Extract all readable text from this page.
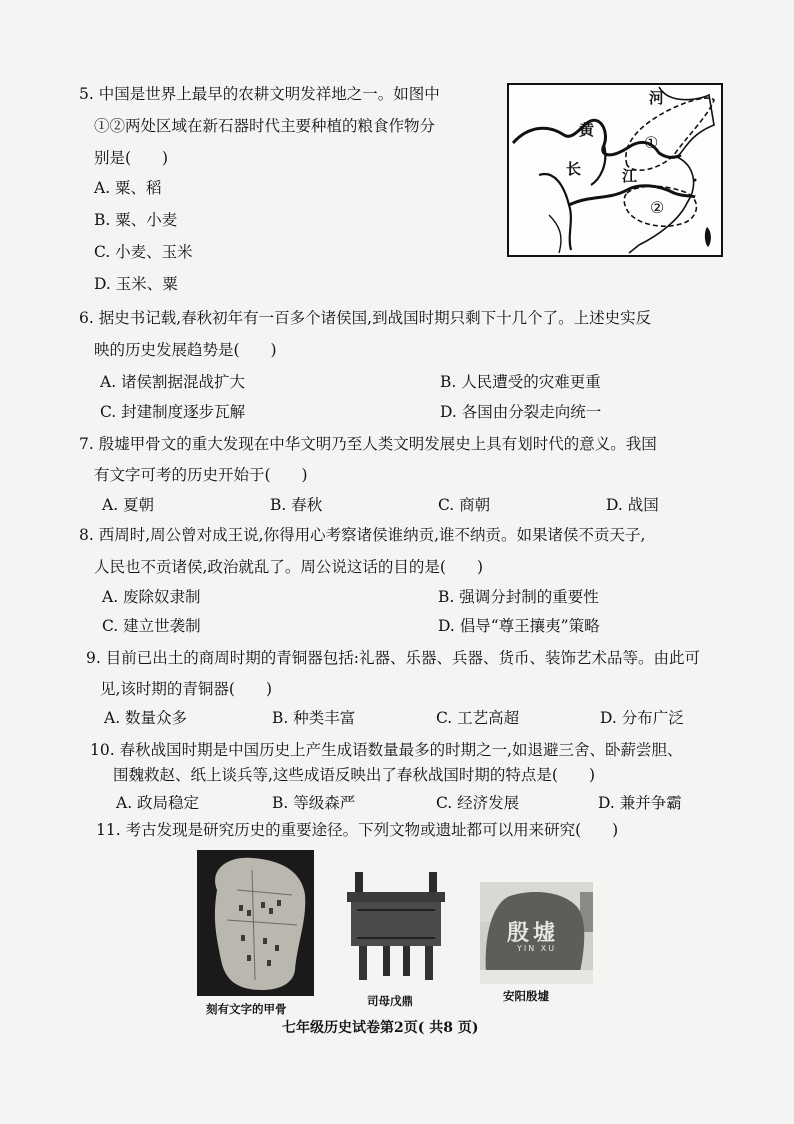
5. 中国是世界上最早的农耕文明发祥地之一。如图中
①②两处区域在新石器时代主要种植的粮食作物分
别是(　　)
A. 粟、稻
B. 粟、小麦
C. 小麦、玉米
D. 玉米、粟
黄
河
长	江
①
②
6. 据史书记载,春秋初年有一百多个诸侯国,到战国时期只剩下十几个了。上述史实反
映的历史发展趋势是(　　)
A. 诸侯割据混战扩大	B. 人民遭受的灾难更重
C. 封建制度逐步瓦解	D. 各国由分裂走向统一
7. 殷墟甲骨文的重大发现在中华文明乃至人类文明发展史上具有划时代的意义。我国
有文字可考的历史开始于(　　)
A. 夏朝	B. 春秋	C. 商朝	D. 战国
8. 西周时,周公曾对成王说,你得用心考察诸侯谁纳贡,谁不纳贡。如果诸侯不贡天子,
人民也不贡诸侯,政治就乱了。周公说这话的目的是(　　)
A. 废除奴隶制	B. 强调分封制的重要性
C. 建立世袭制	D. 倡导“尊王攘夷”策略
9. 目前已出土的商周时期的青铜器包括:礼器、乐器、兵器、货币、装饰艺术品等。由此可
见,该时期的青铜器(　　)
A. 数量众多	B. 种类丰富	C. 工艺高超	D. 分布广泛
10. 春秋战国时期是中国历史上产生成语数量最多的时期之一,如退避三舍、卧薪尝胆、
围魏救赵、纸上谈兵等,这些成语反映出了春秋战国时期的特点是(　　)
A. 政局稳定	B. 等级森严	C. 经济发展	D. 兼并争霸
11. 考古发现是研究历史的重要途径。下列文物或遗址都可以用来研究(　　)
刻有文字的甲骨
司母戊鼎
殷墟
YIN XU
安阳殷墟
七年级历史试卷第2页( 共8 页)
